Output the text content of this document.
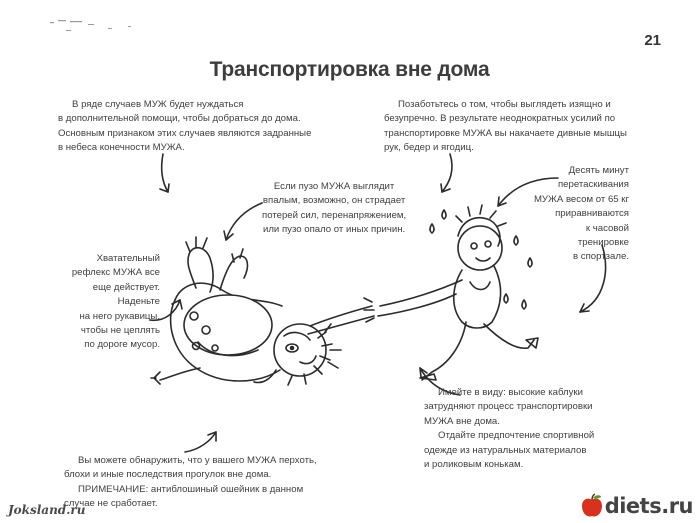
21
Транспортировка вне дома
В ряде случаев МУЖ будет нуждаться
в дополнительной помощи, чтобы добраться до дома.
Основным признаком этих случаев являются задранные
в небеса конечности МУЖА.
Позаботьтесь о том, чтобы выглядеть изящно и
безупречно. В результате неоднократных усилий по
транспортировке МУЖА вы накачаете дивные мышцы
рук, бедер и ягодиц.
Если пузо МУЖА выглядит
впалым, возможно, он страдает
потерей сил, перенапряжением,
или пузо опало от иных причин.
Десять минут
перетаскивания
МУЖА весом от 65 кг
приравниваются
к часовой
тренировке
в спортзале.
Хватательный
рефлекс МУЖА все
еще действует.
Наденьте
на него рукавицы,
чтобы не цеплять
по дороге мусор.
Имейте в виду: высокие каблуки
затрудняют процесс транспортировки
МУЖА вне дома.
Отдайте предпочтение спортивной
одежде из натуральных материалов
и роликовым конькам.
Вы можете обнаружить, что у вашего МУЖА перхоть,
блохи и иные последствия прогулок вне дома.
ПРИМЕЧАНИЕ: антиблошиный ошейник в данном
случае не сработает.
Joksland.ru	diets.ru
